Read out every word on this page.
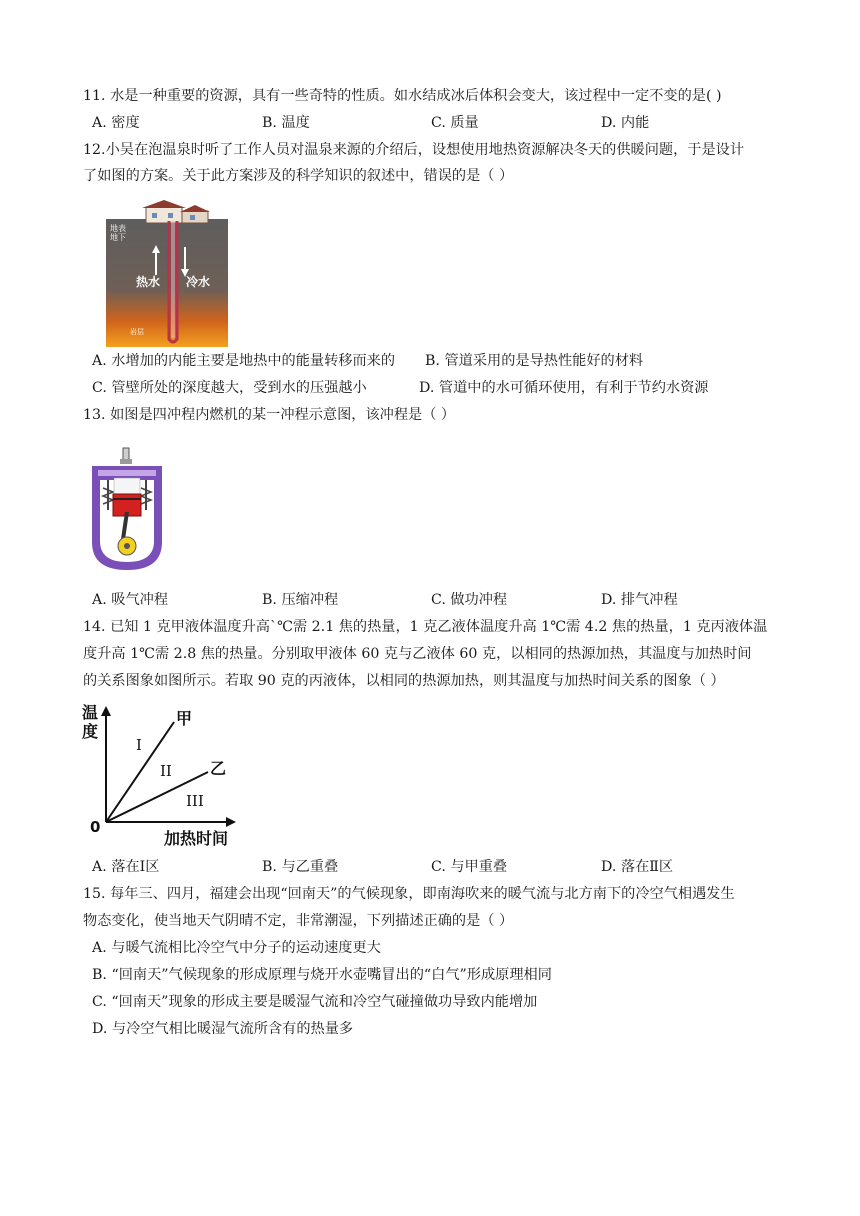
11. 水是一种重要的资源，具有一些奇特的性质。如水结成冰后体积会变大，该过程中一定不变的是( )
A. 密度	B. 温度	C. 质量	D. 内能
12.小吴在泡温泉时听了工作人员对温泉来源的介绍后，设想使用地热资源解决冬天的供暖问题，于是设计
了如图的方案。关于此方案涉及的科学知识的叙述中，错误的是（ ）
地表
地下
热水 冷水
岩层
A. 水增加的内能主要是地热中的能量转移而来的 B. 管道采用的是导热性能好的材料
C. 管壁所处的深度越大，受到水的压强越小	D. 管道中的水可循环使用，有利于节约水资源
13. 如图是四冲程内燃机的某一冲程示意图，该冲程是（ ）
A. 吸气冲程	B. 压缩冲程	C. 做功冲程	D. 排气冲程
14. 已知 1 克甲液体温度升高`℃需 2.1 焦的热量，1 克乙液体温度升高 1℃需 4.2 焦的热量，1 克丙液体温
度升高 1℃需 2.8 焦的热量。分别取甲液体 60 克与乙液体 60 克，以相同的热源加热，其温度与加热时间
的关系图象如图所示。若取 90 克的丙液体，以相同的热源加热，则其温度与加热时间关系的图象（ ）
温
度
0
加热时间
甲
乙
I
II
III
A. 落在Ⅰ区	B. 与乙重叠	C. 与甲重叠	D. 落在Ⅱ区
15. 每年三、四月，福建会出现“回南天”的气候现象，即南海吹来的暖气流与北方南下的冷空气相遇发生
物态变化，使当地天气阴晴不定，非常潮湿，下列描述正确的是（ ）
A. 与暖气流相比冷空气中分子的运动速度更大
B. “回南天”气候现象的形成原理与烧开水壶嘴冒出的“白气”形成原理相同
C. “回南天”现象的形成主要是暖湿气流和冷空气碰撞做功导致内能增加
D. 与冷空气相比暖湿气流所含有的热量多
